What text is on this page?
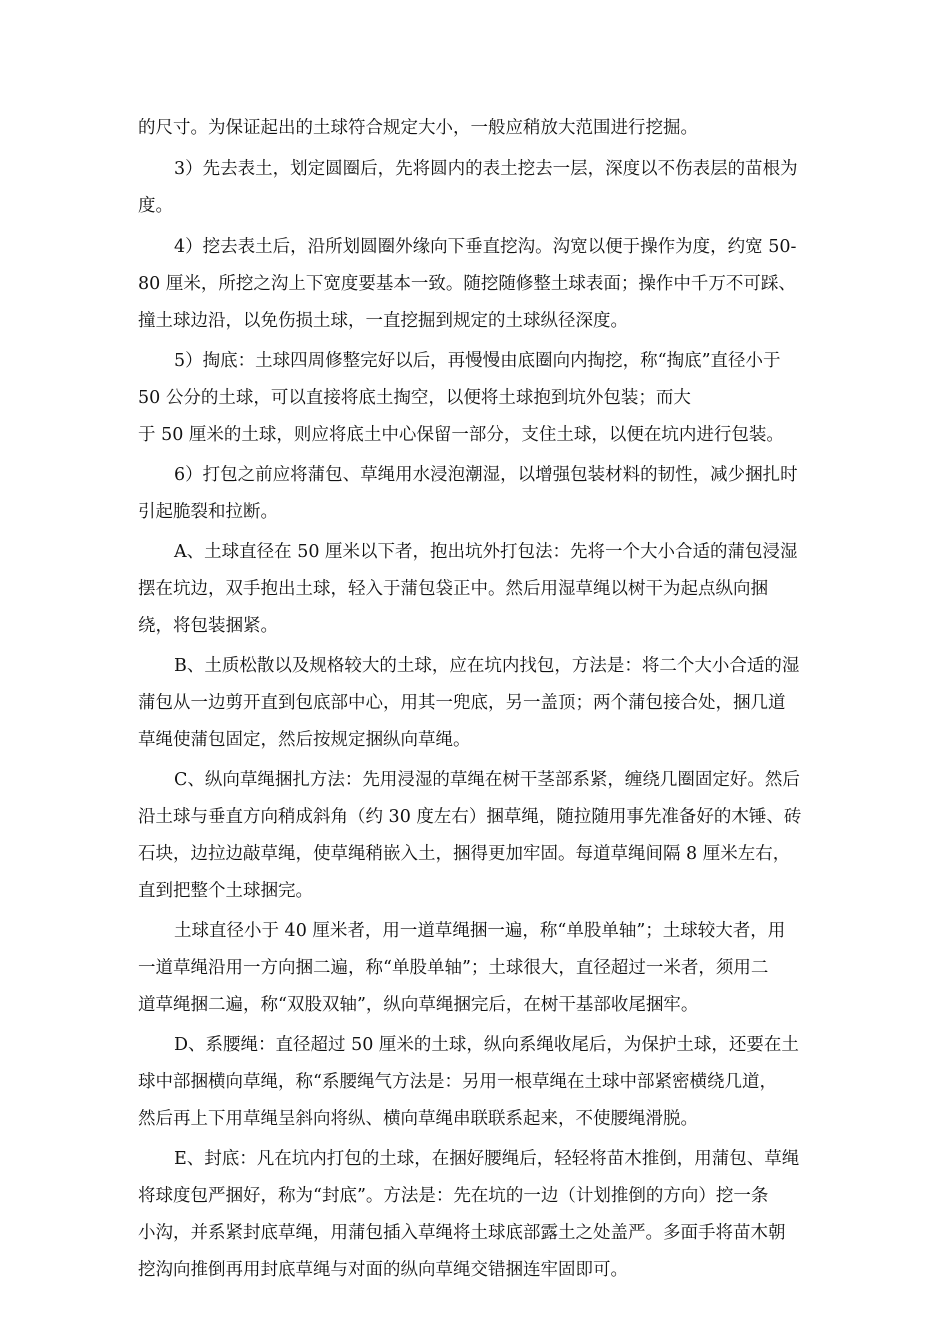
的尺寸。为保证起出的土球符合规定大小，一般应稍放大范围进行挖掘。
3）先去表土，划定圆圈后，先将圆内的表土挖去一层，深度以不伤表层的苗根为
度。
4）挖去表土后，沿所划圆圈外缘向下垂直挖沟。沟宽以便于操作为度，约宽 50-
80 厘米，所挖之沟上下宽度要基本一致。随挖随修整土球表面；操作中千万不可踩、
撞土球边沿，以免伤损土球，一直挖掘到规定的土球纵径深度。
5）掏底：土球四周修整完好以后，再慢慢由底圈向内掏挖，称“掏底”直径小于
50 公分的土球，可以直接将底土掏空，以便将土球抱到坑外包装；而大
于 50 厘米的土球，则应将底土中心保留一部分，支住土球，以便在坑内进行包装。
6）打包之前应将蒲包、草绳用水浸泡潮湿，以增强包装材料的韧性，减少捆扎时
引起脆裂和拉断。
A、土球直径在 50 厘米以下者，抱出坑外打包法：先将一个大小合适的蒲包浸湿
摆在坑边，双手抱出土球，轻入于蒲包袋正中。然后用湿草绳以树干为起点纵向捆
绕，将包装捆紧。
B、土质松散以及规格较大的土球，应在坑内找包，方法是：将二个大小合适的湿
蒲包从一边剪开直到包底部中心，用其一兜底，另一盖顶；两个蒲包接合处，捆几道
草绳使蒲包固定，然后按规定捆纵向草绳。
C、纵向草绳捆扎方法：先用浸湿的草绳在树干茎部系紧，缠绕几圈固定好。然后
沿土球与垂直方向稍成斜角（约 30 度左右）捆草绳，随拉随用事先准备好的木锤、砖
石块，边拉边敲草绳，使草绳稍嵌入土，捆得更加牢固。每道草绳间隔 8 厘米左右，
直到把整个土球捆完。
土球直径小于 40 厘米者，用一道草绳捆一遍，称“单股单轴”；土球较大者，用
一道草绳沿用一方向捆二遍，称“单股单轴”；土球很大，直径超过一米者，须用二
道草绳捆二遍，称“双股双轴”，纵向草绳捆完后，在树干基部收尾捆牢。
D、系腰绳：直径超过 50 厘米的土球，纵向系绳收尾后，为保护土球，还要在土
球中部捆横向草绳，称“系腰绳气方法是：另用一根草绳在土球中部紧密横绕几道，
然后再上下用草绳呈斜向将纵、横向草绳串联联系起来，不使腰绳滑脱。
E、封底：凡在坑内打包的土球，在捆好腰绳后，轻轻将苗木推倒，用蒲包、草绳
将球度包严捆好，称为“封底”。方法是：先在坑的一边（计划推倒的方向）挖一条
小沟，并系紧封底草绳，用蒲包插入草绳将土球底部露土之处盖严。多面手将苗木朝
挖沟向推倒再用封底草绳与对面的纵向草绳交错捆连牢固即可。
